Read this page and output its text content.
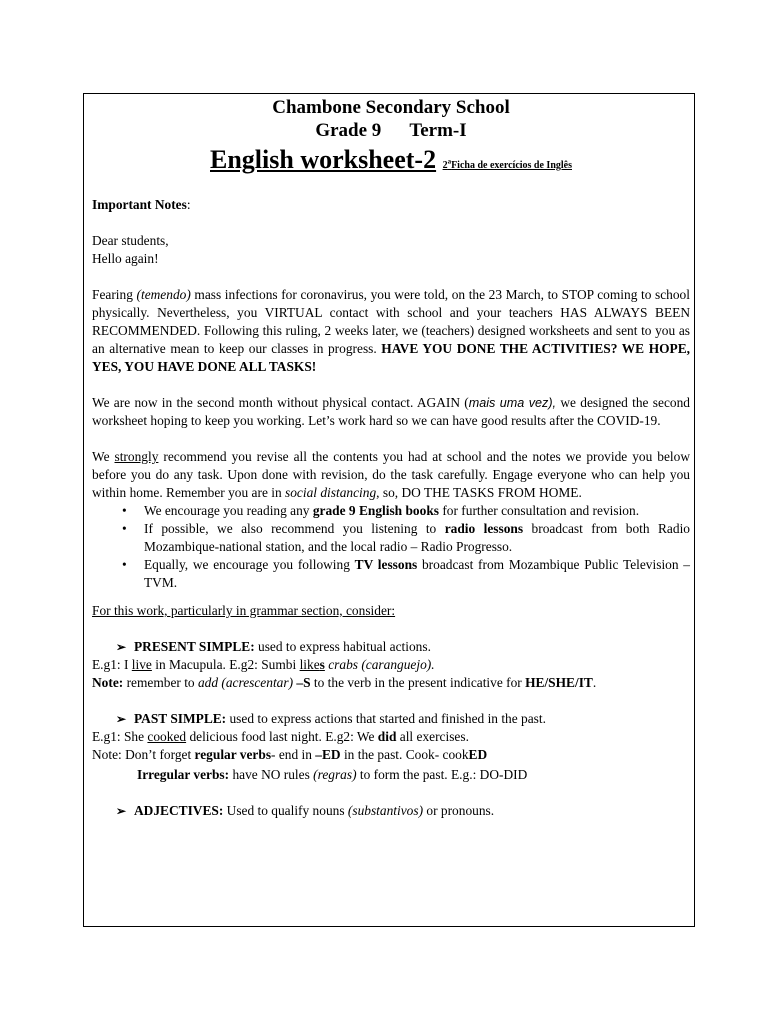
Chambone Secondary School
Grade 9 Term-I
English worksheet-2 2$^a$Ficha de exercícios de Inglês

Important Notes:

Dear students,

Hello again!

Fearing (temendo) mass infections for coronavirus, you were told, on the 23 March, to STOP coming to school physically. Nevertheless, you VIRTUAL contact with school and your teachers HAS ALWAYS BEEN RECOMMENDED. Following this ruling, 2 weeks later, we (teachers) designed worksheets and sent to you as an alternative mean to keep our classes in progress. HAVE YOU DONE THE ACTIVITIES? WE HOPE, YES, YOU HAVE DONE ALL TASKS!

We are now in the second month without physical contact. AGAIN (mais uma vez), we designed the second worksheet hoping to keep you working. Let’s work hard so we can have good results after the COVID-19.

We strongly recommend you revise all the contents you had at school and the notes we provide you below before you do any task. Upon done with revision, do the task carefully. Engage everyone who can help you within home. Remember you are in social distancing, so, DO THE TASKS FROM HOME.

• We encourage you reading any grade 9 English books for further consultation and revision.
• If possible, we also recommend you listening to radio lessons broadcast from both Radio Mozambique-national station, and the local radio – Radio Progresso.
• Equally, we encourage you following TV lessons broadcast from Mozambique Public Television – TVM.

For this work, particularly in grammar section, consider:

➢ PRESENT SIMPLE: used to express habitual actions.

E.g1: I live in Macupula. E.g2: Sumbi likes crabs (caranguejo).

Note: remember to add (acrescentar) –S to the verb in the present indicative for HE/SHE/IT.

➢ PAST SIMPLE: used to express actions that started and finished in the past.

E.g1: She cooked delicious food last night. E.g2: We did all exercises.

Note: Don’t forget regular verbs- end in –ED in the past. Cook- cookED

Irregular verbs: have NO rules (regras) to form the past. E.g.: DO-DID

➢ ADJECTIVES: Used to qualify nouns (substantivos) or pronouns.
